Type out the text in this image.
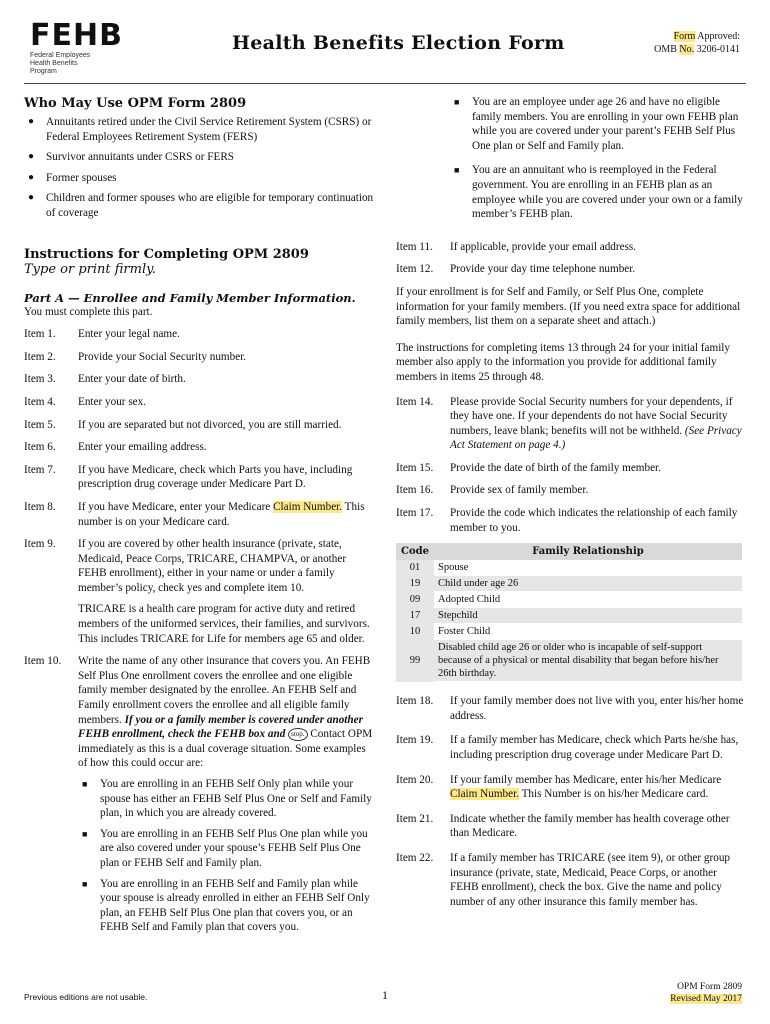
FEHB
Federal Employees
Health Benefits Program
Health Benefits Election Form	Form Approved:
OMB No. 3206-0141
Who May Use OPM Form 2809
● Annuitants retired under the Civil Service Retirement System (CSRS) or Federal Employees Retirement System (FERS)
● Survivor annuitants under CSRS or FERS
● Former spouses
● Children and former spouses who are eligible for temporary continuation of coverage
Instructions for Completing OPM 2809
Type or print firmly.
Part A — Enrollee and Family Member Information.
You must complete this part.
Item 1.	Enter your legal name.
Item 2.	Provide your Social Security number.
Item 3.	Enter your date of birth.
Item 4.	Enter your sex.
Item 5.	If you are separated but not divorced, you are still married.
Item 6.	Enter your emailing address.
Item 7.	If you have Medicare, check which Parts you have, including prescription drug coverage under Medicare Part D.
Item 8.	If you have Medicare, enter your Medicare Claim Number. This number is on your Medicare card.
Item 9.	If you are covered by other health insurance (private, state, Medicaid, Peace Corps, TRICARE, CHAMPVA, or another FEHB enrollment), either in your name or under a family member’s policy, check yes and complete item 10.
TRICARE is a health care program for active duty and retired members of the uniformed services, their families, and survivors. This includes TRICARE for Life for members age 65 and older.
Item 10.	Write the name of any other insurance that covers you. An FEHB Self Plus One enrollment covers the enrollee and one eligible family member designated by the enrollee. An FEHB Self and Family enrollment covers the enrollee and all eligible family members. If you or a family member is covered under another FEHB enrollment, check the FEHB box and stop. Contact OPM immediately as this is a dual coverage situation. Some examples of how this could occur are:
■ You are enrolling in an FEHB Self Only plan while your spouse has either an FEHB Self Plus One or Self and Family plan, in which you are already covered.
■ You are enrolling in an FEHB Self Plus One plan while you are also covered under your spouse’s FEHB Self Plus One plan or FEHB Self and Family plan.
■ You are enrolling in an FEHB Self and Family plan while your spouse is already enrolled in either an FEHB Self Only plan, an FEHB Self Plus One plan that covers you, or an FEHB Self and Family plan that covers you.
■ You are an employee under age 26 and have no eligible family members. You are enrolling in your own FEHB plan while you are covered under your parent’s FEHB Self Plus One plan or Self and Family plan.
■ You are an annuitant who is reemployed in the Federal government. You are enrolling in an FEHB plan as an employee while you are covered under your own or a family member’s FEHB plan.
Item 11.	If applicable, provide your email address.
Item 12.	Provide your day time telephone number.
If your enrollment is for Self and Family, or Self Plus One, complete information for your family members. (If you need extra space for additional family members, list them on a separate sheet and attach.)
The instructions for completing items 13 through 24 for your initial family member also apply to the information you provide for additional family members in items 25 through 48.
Item 14.	Please provide Social Security numbers for your dependents, if they have one. If your dependents do not have Social Security numbers, leave blank; benefits will not be withheld. (See Privacy Act Statement on page 4.)
Item 15.	Provide the date of birth of the family member.
Item 16.	Provide sex of family member.
Item 17.	Provide the code which indicates the relationship of each family member to you.
Code	Family Relationship
01	Spouse
19	Child under age 26
09	Adopted Child
17	Stepchild
10	Foster Child
99	Disabled child age 26 or older who is incapable of self-support because of a physical or mental disability that began before his/her 26th birthday.
Item 18.	If your family member does not live with you, enter his/her home address.
Item 19.	If a family member has Medicare, check which Parts he/she has, including prescription drug coverage under Medicare Part D.
Item 20.	If your family member has Medicare, enter his/her Medicare Claim Number. This Number is on his/her Medicare card.
Item 21.	Indicate whether the family member has health coverage other than Medicare.
Item 22.	If a family member has TRICARE (see item 9), or other group insurance (private, state, Medicaid, Peace Corps, or another FEHB enrollment), check the box. Give the name and policy number of any other insurance this family member has.
Previous editions are not usable.	1
OPM Form 2809
Revised May 2017
